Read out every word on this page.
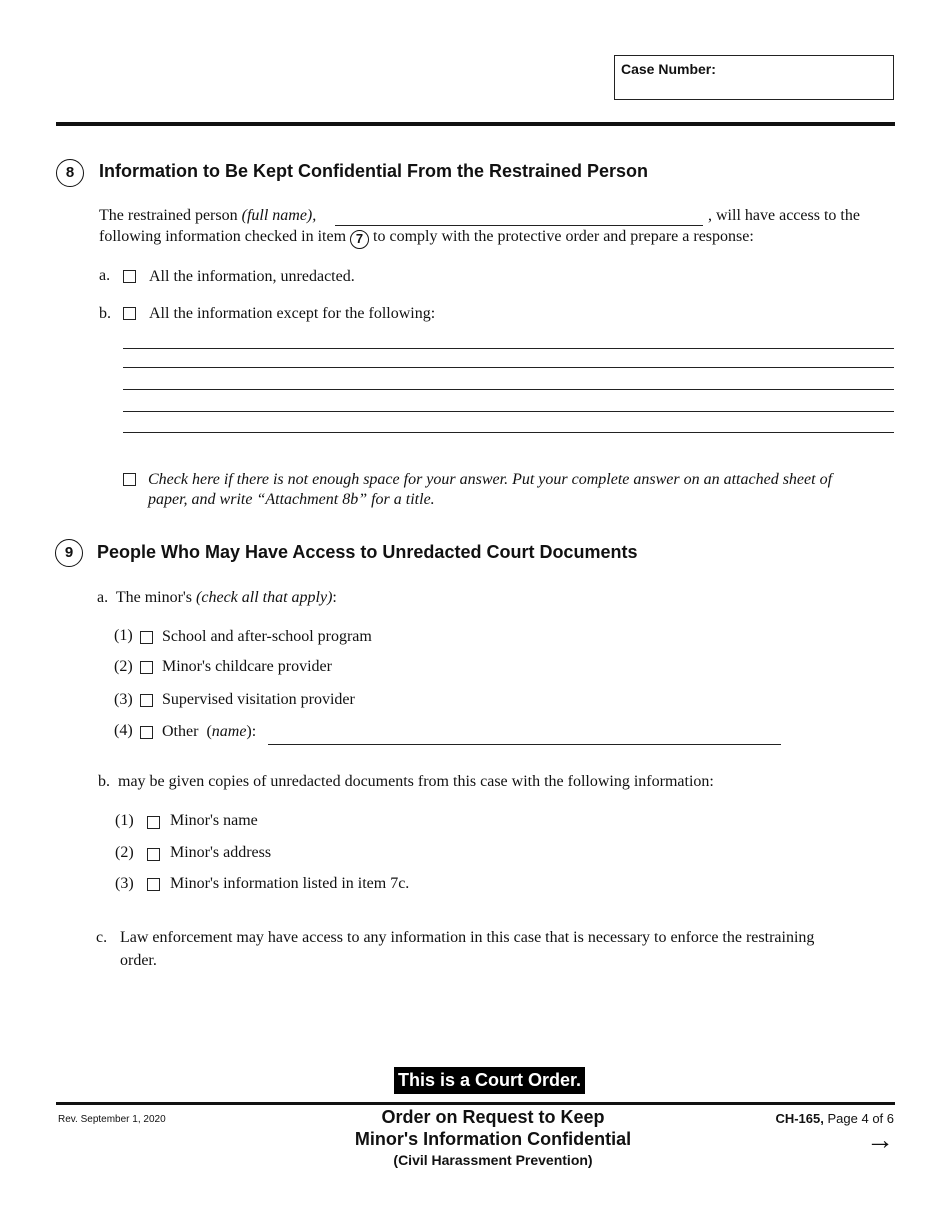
Case Number:
8	Information to Be Kept Confidential From the Restrained Person
The restrained person (full name),	, will have access to the
following information checked in item 7 to comply with the protective order and prepare a response:
a. All the information, unredacted.
b. All the information except for the following:
Check here if there is not enough space for your answer. Put your complete answer on an attached sheet of
paper, and write “Attachment 8b” for a title.
9	People Who May Have Access to Unredacted Court Documents
a. The minor's (check all that apply):
(1) School and after-school program
(2) Minor's childcare provider
(3) Supervised visitation provider
(4) Other (name):
b. may be given copies of unredacted documents from this case with the following information:
(1) Minor's name
(2) Minor's address
(3) Minor's information listed in item 7c.
c. Law enforcement may have access to any information in this case that is necessary to enforce the restraining
order.
This is a Court Order.
Rev. September 1, 2020	Order on Request to Keep
Minor's Information Confidential
(Civil Harassment Prevention)
CH-165, Page 4 of 6
→
